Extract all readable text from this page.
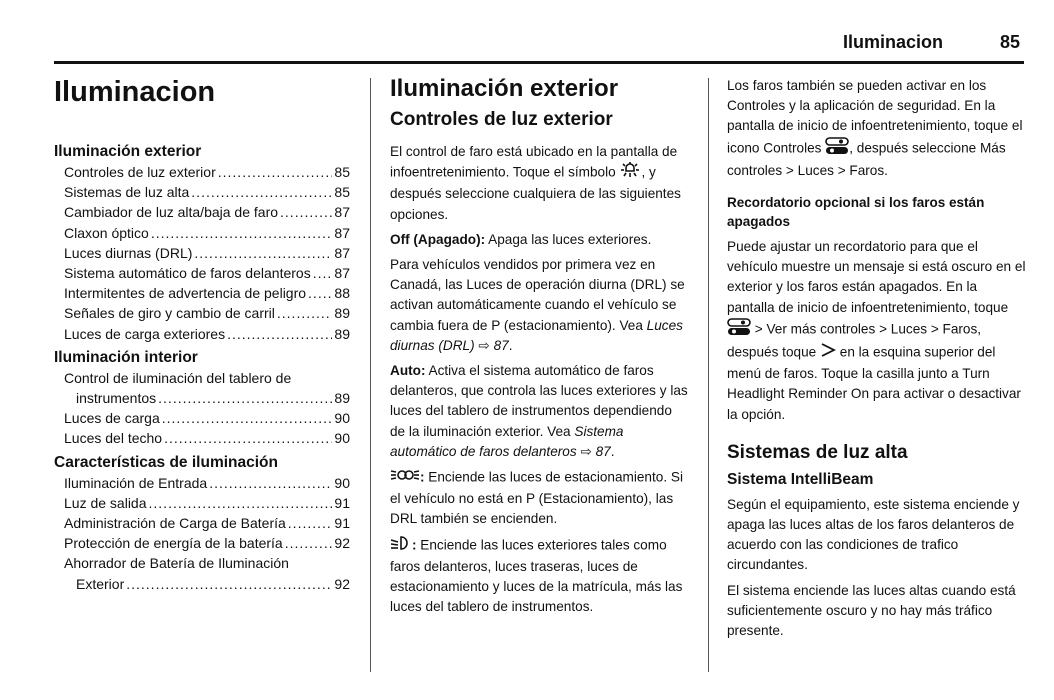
Iluminacion	85
Iluminacion
Iluminación exterior
Controles de luz exterior .....	85
Sistemas de luz alta .....	85
Cambiador de luz alta/baja de faro .....	87
Claxon óptico .....	87
Luces diurnas (DRL) .....	87
Sistema automático de faros delanteros ..... 87
Intermitentes de advertencia de peligro ..... 88
Señales de giro y cambio de carril .....	89
Luces de carga exteriores .....	89
Iluminación interior
Control de iluminación del tablero de
instrumentos .....	89
Luces de carga .....	90
Luces del techo .....	90
Características de iluminación
Iluminación de Entrada .....	90
Luz de salida .....	91
Administración de Carga de Batería .....	91
Protección de energía de la batería .....	92
Ahorrador de Batería de Iluminación
Exterior .....	92
Iluminación exterior
Controles de luz exterior

El control de faro está ubicado en la pantalla de infoentretenimiento. Toque el símbolo , y después seleccione cualquiera de las siguientes opciones.

Off (Apagado): Apaga las luces exteriores.

Para vehículos vendidos por primera vez en Canadá, las Luces de operación diurna (DRL) se activan automáticamente cuando el vehículo se cambia fuera de P (estacionamiento). Vea Luces diurnas (DRL) ⇨ 87.

Auto: Activa el sistema automático de faros delanteros, que controla las luces exteriores y las luces del tablero de instrumentos dependiendo de la iluminación exterior. Vea Sistema automático de faros delanteros ⇨ 87.

: Enciende las luces de estacionamiento. Si el vehículo no está en P (Estacionamiento), las DRL también se encienden.

: Enciende las luces exteriores tales como faros delanteros, luces traseras, luces de estacionamiento y luces de la matrícula, más las luces del tablero de instrumentos.

Los faros también se pueden activar en los Controles y la aplicación de seguridad. En la pantalla de inicio de infoentretenimiento, toque el icono Controles , después seleccione Más controles > Luces > Faros.

Recordatorio opcional si los faros están apagados

Puede ajustar un recordatorio para que el vehículo muestre un mensaje si está oscuro en el exterior y los faros están apagados. En la pantalla de inicio de infoentretenimiento, toque  > Ver más controles > Luces > Faros, después toque  en la esquina superior del menú de faros. Toque la casilla junto a Turn Headlight Reminder On para activar o desactivar la opción.

Sistemas de luz alta
Sistema IntelliBeam

Según el equipamiento, este sistema enciende y apaga las luces altas de los faros delanteros de acuerdo con las condiciones de trafico circundantes.

El sistema enciende las luces altas cuando está suficientemente oscuro y no hay más tráfico presente.
